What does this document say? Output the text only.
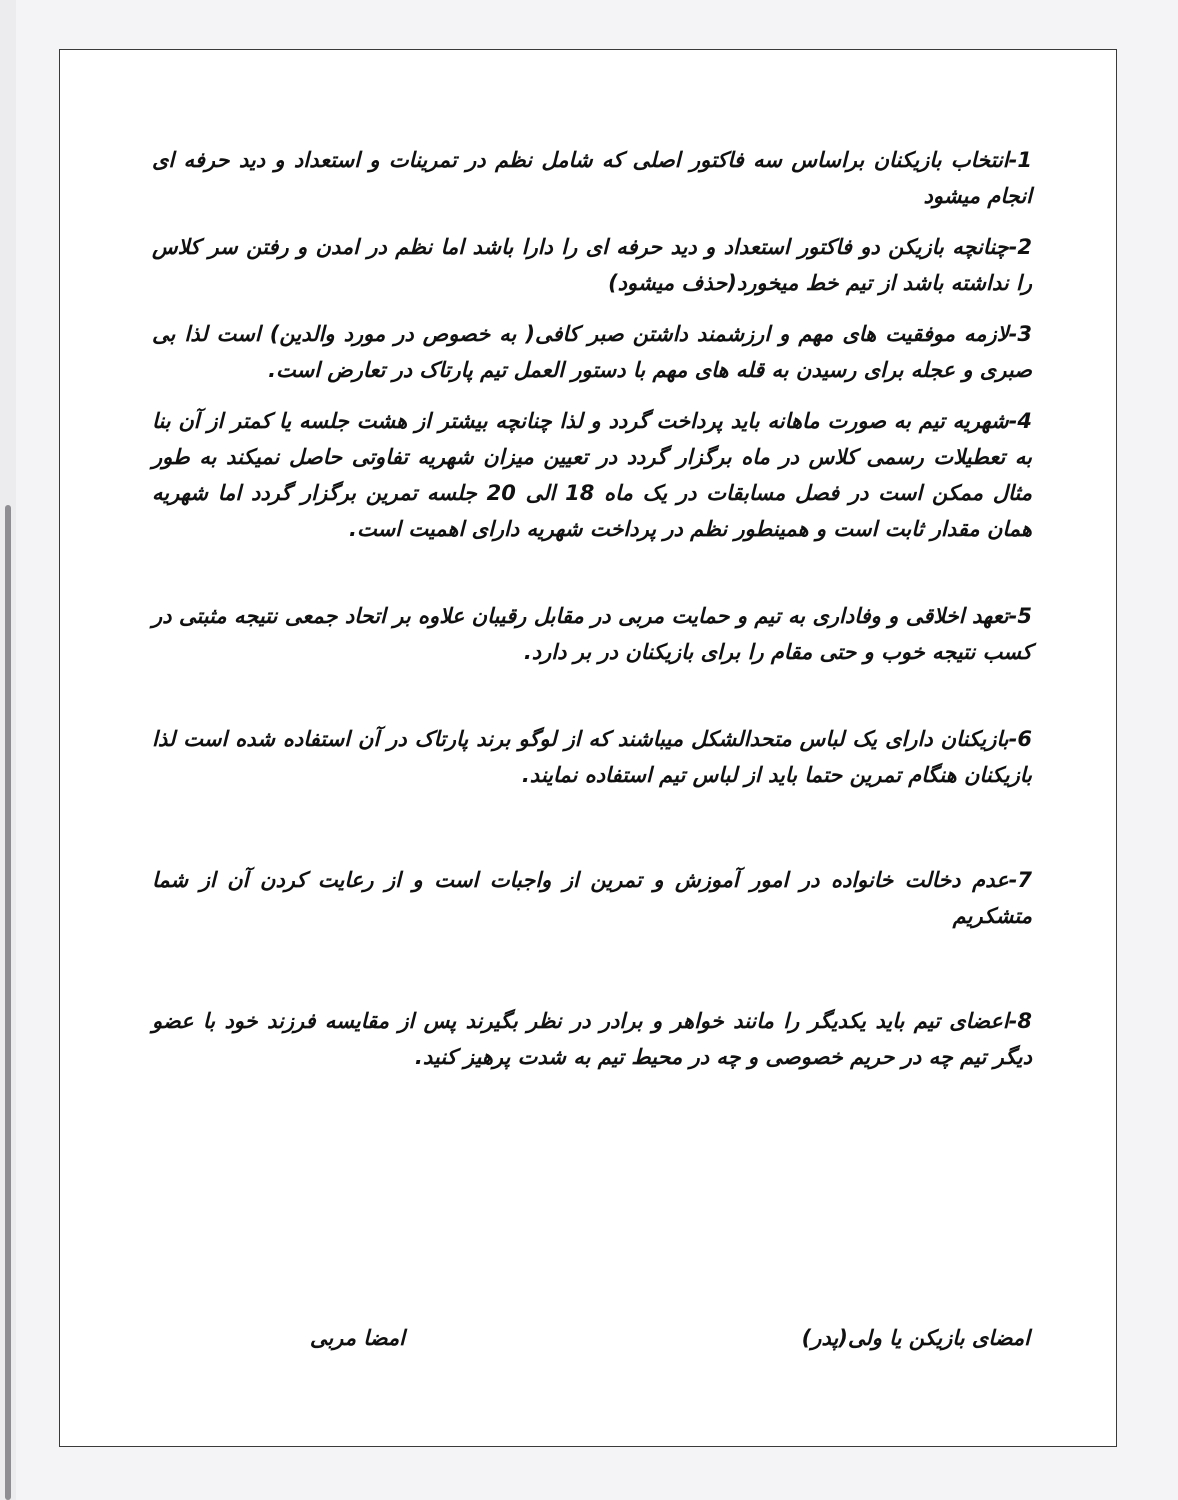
1-انتخاب بازیکنان براساس سه فاکتور اصلی که شامل نظم در تمرینات و استعداد و دید حرفه ای انجام میشود

2-چنانچه بازیکن دو فاکتور استعداد و دید حرفه ای را دارا باشد اما نظم در امدن و رفتن سر کلاس را نداشته باشد از تیم خط میخورد(حذف میشود)

3-لازمه موفقیت های مهم و ارزشمند داشتن صبر کافی( به خصوص در مورد والدین) است لذا بی صبری و عجله برای رسیدن به قله های مهم با دستور العمل تیم پارتاک در تعارض است.

4-شهریه تیم به صورت ماهانه باید پرداخت گردد و لذا چنانچه بیشتر از هشت جلسه یا کمتر از آن بنا به تعطیلات رسمی کلاس در ماه برگزار گردد در تعیین میزان شهریه تفاوتی حاصل نمیکند به طور مثال ممکن است در فصل مسابقات در یک ماه 18 الی 20 جلسه تمرین برگزار گردد اما شهریه همان مقدار ثابت است و همینطور نظم در پرداخت شهریه دارای اهمیت است.

5-تعهد اخلاقی و وفاداری به تیم و حمایت مربی در مقابل رقیبان علاوه بر اتحاد جمعی نتیجه مثبتی در کسب نتیجه خوب و حتی مقام را برای بازیکنان در بر دارد.

6-بازیکنان دارای یک لباس متحدالشکل میباشند که از لوگو برند پارتاک در آن استفاده شده است لذا بازیکنان هنگام تمرین حتما باید از لباس تیم استفاده نمایند.

7-عدم دخالت خانواده در امور آموزش و تمرین از واجبات است و از رعایت کردن آن از شما متشکریم

8-اعضای تیم باید یکدیگر را مانند خواهر و برادر در نظر بگیرند پس از مقایسه فرزند خود با عضو دیگر تیم چه در حریم خصوصی و چه در محیط تیم به شدت پرهیز کنید.

امضای بازیکن یا ولی(پدر)
امضا مربی
